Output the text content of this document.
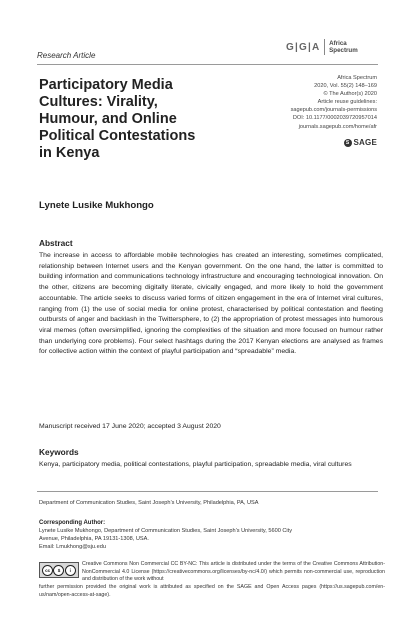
Research Article
G|G|A Africa
Spectrum
Participatory Media
Cultures: Virality,
Humour, and Online
Political Contestations
in Kenya
Africa Spectrum
2020, Vol. 55(2) 148–169
© The Author(s) 2020
Article reuse guidelines:
sagepub.com/journals-permissions
DOI: 10.1177/0002039720957014
journals.sagepub.com/home/afr
S SAGE
Lynete Lusike Mukhongo
Abstract
The increase in access to affordable mobile technologies has created an interesting, sometimes complicated, relationship between Internet users and the Kenyan government. On the one hand, the latter is committed to building information and communications technology infrastructure and encouraging technological innovation. On the other, citizens are becoming digitally literate, civically engaged, and more likely to hold the government accountable. The article seeks to discuss varied forms of citizen engagement in the era of Internet viral cultures, ranging from (1) the use of social media for online protest, characterised by political contestation and fleeting outbursts of anger and backlash in the Twittersphere, to (2) the appropriation of protest messages into humorous viral memes (often oversimplified, ignoring the complexities of the situation and more focused on humour rather than underlying core problems). Four select hashtags during the 2017 Kenyan elections are analysed as frames for collective action within the context of playful participation and “spreadable” media.
Manuscript received 17 June 2020; accepted 3 August 2020
Keywords
Kenya, participatory media, political contestations, playful participation, spreadable media, viral cultures
Department of Communication Studies, Saint Joseph’s University, Philadelphia, PA, USA
Corresponding Author:
Lynete Lusike Mukhongo, Department of Communication Studies, Saint Joseph’s University, 5600 City
Avenue, Philadelphia, PA 19131-1308, USA.
Email: Lmukhong@sju.edu
cc	$	i
Creative Commons Non Commercial CC BY-NC: This article is distributed under the terms of the Creative Commons Attribution-NonCommercial 4.0 License (https://creativecommons.org/licenses/by-nc/4.0/) which permits non-commercial use, reproduction and distribution of the work without
further permission provided the original work is attributed as specified on the SAGE and Open Access pages (https://us.sagepub.com/en-us/nam/open-access-at-sage).
